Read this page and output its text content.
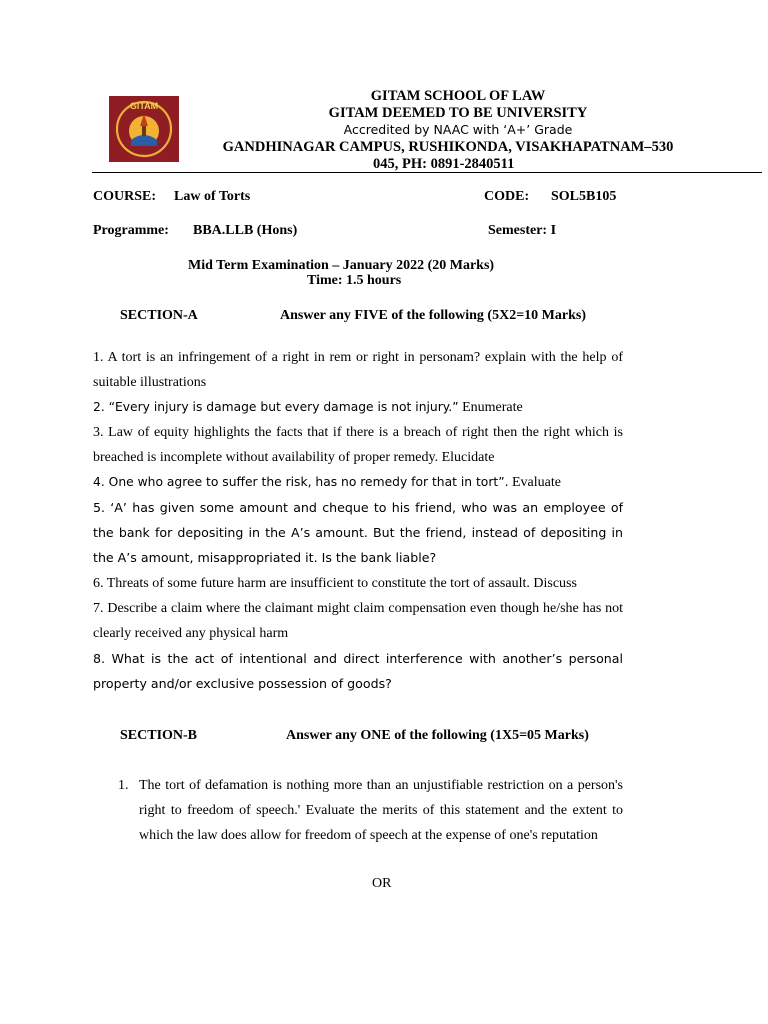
GITAM
GITAM SCHOOL OF LAW
GITAM DEEMED TO BE UNIVERSITY
Accredited by NAAC with ‘A+’ Grade
GANDHINAGAR CAMPUS, RUSHIKONDA, VISAKHAPATNAM–530
045, PH: 0891-2840511
COURSE: Law of Torts	CODE: SOL5B105
Programme: BBA.LLB (Hons)	Semester: I
Mid Term Examination – January 2022 (20 Marks)
Time: 1.5 hours
SECTION-A	Answer any FIVE of the following (5X2=10 Marks)
1. A tort is an infringement of a right in rem or right in personam? explain with the help of suitable illustrations
2. “Every injury is damage but every damage is not injury.” Enumerate
3. Law of equity highlights the facts that if there is a breach of right then the right which is breached is incomplete without availability of proper remedy. Elucidate
4. One who agree to suffer the risk, has no remedy for that in tort”. Evaluate
5. ‘A’ has given some amount and cheque to his friend, who was an employee of the bank for depositing in the A’s amount. But the friend, instead of depositing in the A’s amount, misappropriated it. Is the bank liable?
6. Threats of some future harm are insufficient to constitute the tort of assault. Discuss
7. Describe a claim where the claimant might claim compensation even though he/she has not clearly received any physical harm
8. What is the act of intentional and direct interference with another’s personal property and/or exclusive possession of goods?
SECTION-B	Answer any ONE of the following (1X5=05 Marks)
1. The tort of defamation is nothing more than an unjustifiable restriction on a person's right to freedom of speech.' Evaluate the merits of this statement and the extent to which the law does allow for freedom of speech at the expense of one's reputation
OR
